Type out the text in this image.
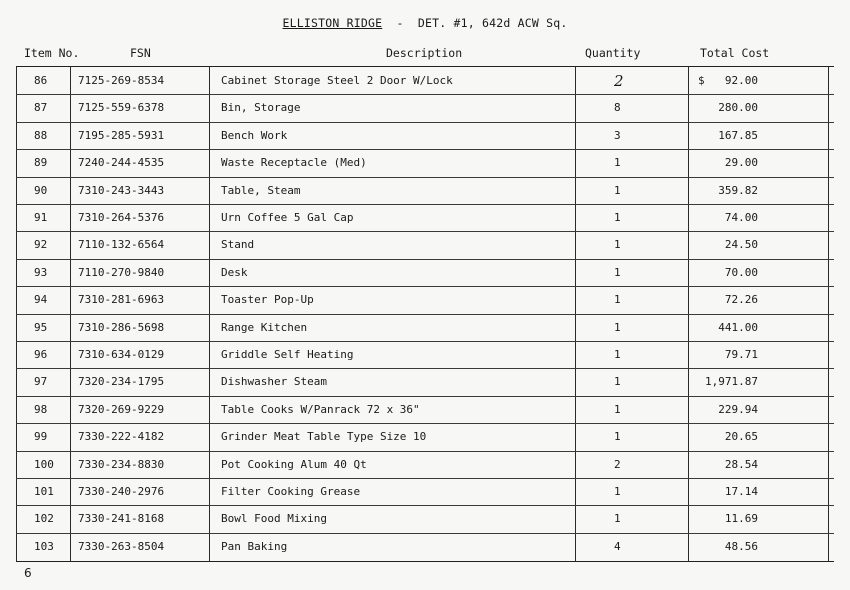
ELLISTON RIDGE  -  DET. #1, 642d ACW Sq.
Item No.	FSN	Description	Quantity	Total Cost
86	7125-269-8534	Cabinet Storage Steel 2 Door W/Lock	2	$ 92.00
87	7125-559-6378	Bin, Storage	8	280.00
88	7195-285-5931	Bench Work	3	167.85
89	7240-244-4535	Waste Receptacle (Med)	1	29.00
90	7310-243-3443	Table, Steam	1	359.82
91	7310-264-5376	Urn Coffee 5 Gal Cap	1	74.00
92	7110-132-6564	Stand	1	24.50
93	7110-270-9840	Desk	1	70.00
94	7310-281-6963	Toaster Pop-Up	1	72.26
95	7310-286-5698	Range Kitchen	1	441.00
96	7310-634-0129	Griddle Self Heating	1	79.71
97	7320-234-1795	Dishwasher Steam	1	1,971.87
98	7320-269-9229	Table Cooks W/Panrack 72 x 36"	1	229.94
99	7330-222-4182	Grinder Meat Table Type Size 10	1	20.65
100 7330-234-8830	Pot Cooking Alum 40 Qt	2	28.54
101 7330-240-2976	Filter Cooking Grease	1	17.14
102 7330-241-8168	Bowl Food Mixing	1	11.69
103 7330-263-8504	Pan Baking	4	48.56
6
